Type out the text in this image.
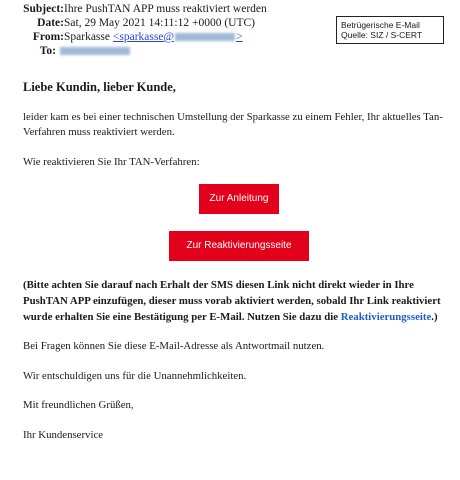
Subject:Ihre PushTAN APP muss reaktiviert werden
Date:Sat, 29 May 2021 14:11:12 +0000 (UTC)
From:Sparkasse <sparkasse@	>
To:
Betrügerische E-Mail
Quelle: SIZ / S-CERT
Liebe Kundin, lieber Kunde,

leider kam es bei einer technischen Umstellung der Sparkasse zu einem Fehler, Ihr aktuelles Tan-Verfahren muss reaktiviert werden.

Wie reaktivieren Sie Ihr TAN-Verfahren:

Zur Anleitung
Zur Reaktivierungsseite

(Bitte achten Sie darauf nach Erhalt der SMS diesen Link nicht direkt wieder in Ihre PushTAN APP einzufügen, dieser muss vorab aktiviert werden, sobald Ihr Link reaktiviert wurde erhalten Sie eine Bestätigung per E-Mail. Nutzen Sie dazu die Reaktivierungsseite.)

Bei Fragen können Sie diese E-Mail-Adresse als Antwortmail nutzen.

Wir entschuldigen uns für die Unannehmlichkeiten.

Mit freundlichen Grüßen,

Ihr Kundenservice
